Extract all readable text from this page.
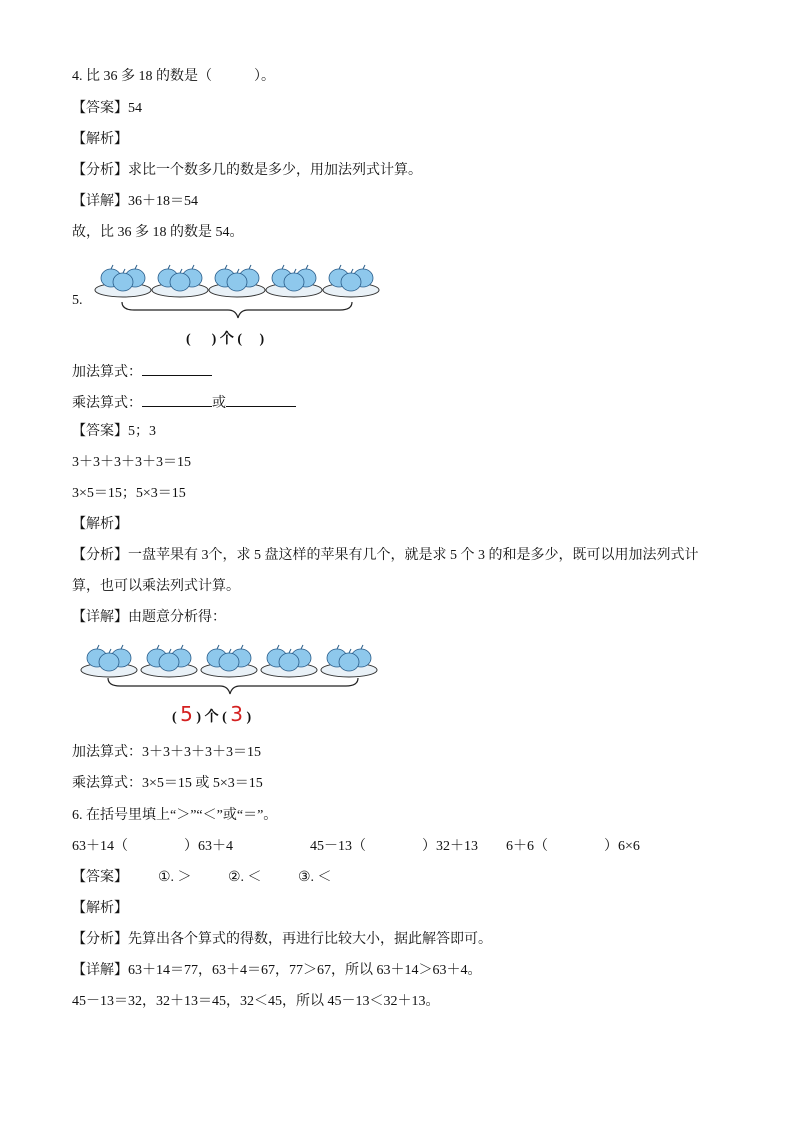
4. 比 36 多 18 的数是（　　　）。
【答案】54
【解析】
【分析】求比一个数多几的数是多少，用加法列式计算。
【详解】36＋18＝54
故，比 36 多 18 的数是 54。
5.
( ) 个 ( )
加法算式：
乘法算式：	或
【答案】5；3
3＋3＋3＋3＋3＝15
3×5＝15；5×3＝15
【解析】
【分析】一盘苹果有 3个，求 5 盘这样的苹果有几个，就是求 5 个 3 的和是多少，既可以用加法列式计
算，也可以乘法列式计算。
【详解】由题意分析得：
( 5 ) 个 ( 3 )
加法算式：3＋3＋3＋3＋3＝15
乘法算式：3×5＝15 或 5×3＝15
6. 在括号里填上“＞”“＜”或“＝”。
63＋14（　　　　）63＋4	45－13（　　　　）32＋13 6＋6（　　　　）6×6
【答案】 ①. ＞	②. ＜	③. ＜
【解析】
【分析】先算出各个算式的得数，再进行比较大小，据此解答即可。
【详解】63＋14＝77，63＋4＝67，77＞67，所以 63＋14＞63＋4。
45－13＝32，32＋13＝45，32＜45，所以 45－13＜32＋13。
